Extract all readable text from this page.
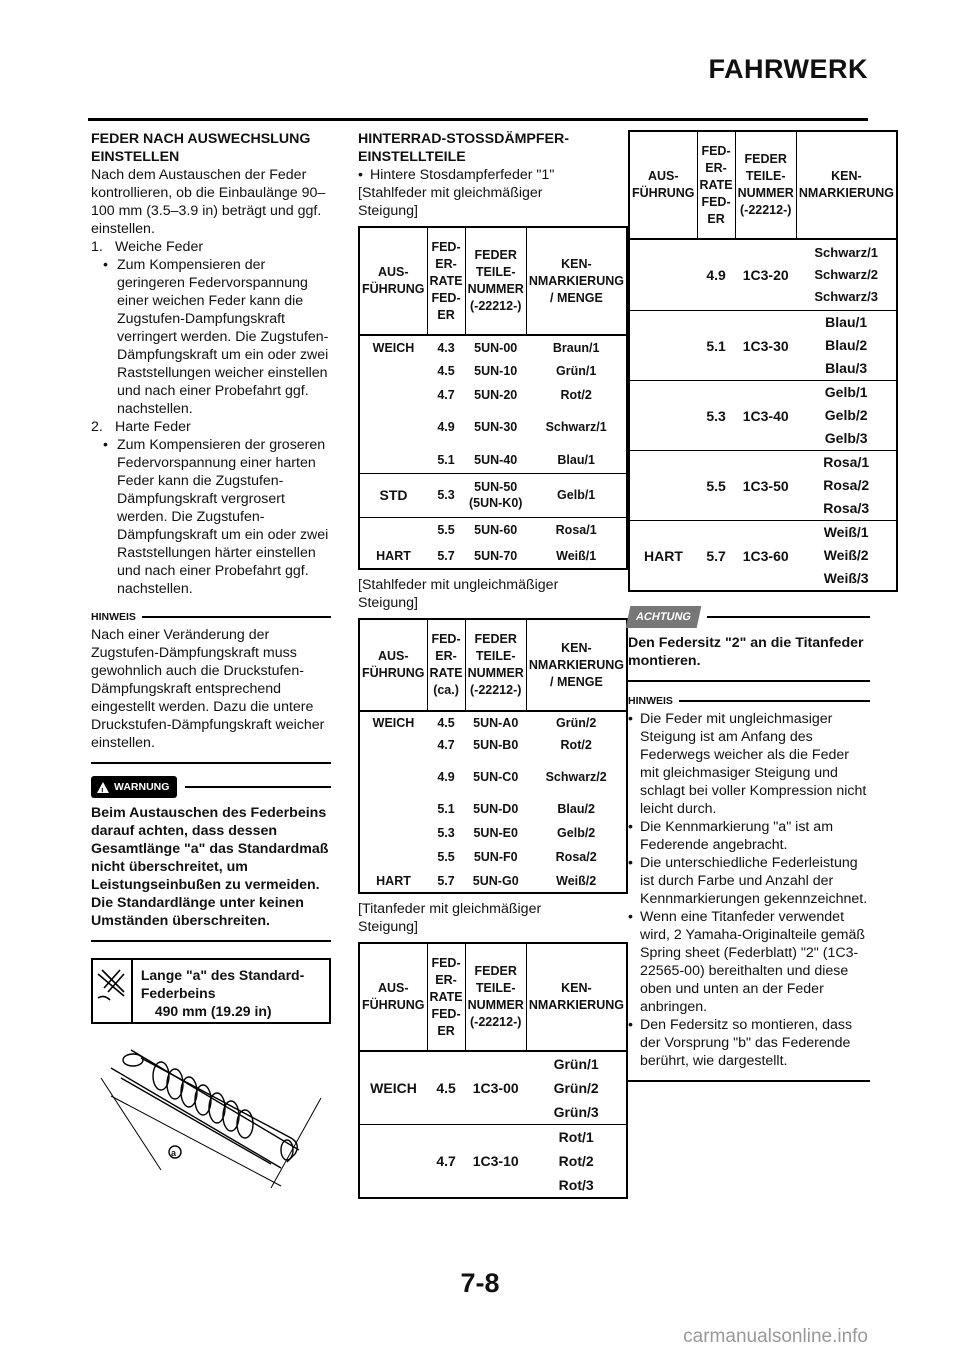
FAHRWERK

FEDER NACH AUSWECHSLUNG EINSTELLEN

Nach dem Austauschen der Feder kontrollieren, ob die Einbaulänge 90–100 mm (3.5–3.9 in) beträgt und ggf. einstellen.

1. Weiche Feder
• Zum Kompensieren der geringeren Federvorspannung einer weichen Feder kann die Zugstufen-Dampfungskraft verringert werden. Die Zugstufen- Dämpfungskraft um ein oder zwei Raststellungen weicher einstellen und nach einer Probefahrt ggf. nachstellen.
2. Harte Feder
• Zum Kompensieren der groseren Federvorspannung einer harten Feder kann die Zugstufen-Dämpfungskraft vergrosert werden. Die Zugstufen- Dämpfungskraft um ein oder zwei Raststellungen härter einstellen und nach einer Probefahrt ggf. nachstellen.
HINWEIS

Nach einer Veränderung der Zugstufen-Dämpfungskraft muss gewohnlich auch die Druckstufen-Dämpfungskraft entsprechend eingestellt werden. Dazu die untere Druckstufen-Dämpfungskraft weicher einstellen.

! WARNUNG

Beim Austauschen des Federbeins darauf achten, dass dessen Gesamtlänge "a" das Standardmaß nicht überschreitet, um Leistungseinbußen zu vermeiden. Die Standardlänge unter keinen Umständen überschreiten.

Lange "a" des Standard-Federbeins
490 mm (19.29 in)
a

HINTERRAD-STOSSDÄMPFER-EINSTELLTEILE

• Hintere Stosdampferfeder "1"

[Stahlfeder mit gleichmäßiger Steigung]

AUS-FÜHRUNG	FED-ER-RATE FED-ER	FEDER TEILE-NUMMER (-22212-)	KEN-NMARKIERUNG / MENGE
WEICH	4.3	5UN-00	Braun/1
	4.5	5UN-10	Grün/1
	4.7	5UN-20	Rot/2
	4.9	5UN-30	Schwarz/1
	5.1	5UN-40	Blau/1
STD	5.3	5UN-50 (5UN-K0)	Gelb/1
	5.5	5UN-60	Rosa/1
HART	5.7	5UN-70	Weiß/1

[Stahlfeder mit ungleichmäßiger Steigung]

AUS-FÜHRUNG	FED-ER-RATE (ca.)	FEDER TEILE-NUMMER (-22212-)	KEN-NMARKIERUNG / MENGE
WEICH	4.5	5UN-A0	Grün/2
	4.7	5UN-B0	Rot/2
	4.9	5UN-C0	Schwarz/2
	5.1	5UN-D0	Blau/2
	5.3	5UN-E0	Gelb/2
	5.5	5UN-F0	Rosa/2
HART	5.7	5UN-G0	Weiß/2

[Titanfeder mit gleichmäßiger Steigung]

AUS-FÜHRUNG	FED-ER-RATE FED-ER	FEDER TEILE-NUMMER (-22212-)	KEN-NMARKIERUNG
WEICH	4.5	1C3-00	Grün/1
Grün/2
Grün/3

	4.7	1C3-10	Rot/1
Rot/2
Rot/3
AUS-FÜHRUNG	FED-ER-RATE FED-ER	FEDER TEILE-NUMMER (-22212-)	KEN-NMARKIERUNG
	4.9	1C3-20	Schwarz/1
Schwarz/2
Schwarz/3

	5.1	1C3-30	Blau/1
Blau/2
Blau/3

	5.3	1C3-40	Gelb/1
Gelb/2
Gelb/3

	5.5	1C3-50	Rosa/1
Rosa/2
Rosa/3

HART	5.7	1C3-60	Weiß/1
Weiß/2
Weiß/3
ACHTUNG

Den Federsitz "2" an die Titanfeder montieren.

HINWEIS
• Die Feder mit ungleichmasiger Steigung ist am Anfang des Federwegs weicher als die Feder mit gleichmasiger Steigung und schlagt bei voller Kompression nicht leicht durch.
• Die Kennmarkierung "a" ist am Federende angebracht.
• Die unterschiedliche Federleistung ist durch Farbe und Anzahl der Kennmarkierungen gekennzeichnet.
• Wenn eine Titanfeder verwendet wird, 2 Yamaha-Originalteile gemäß Spring sheet (Federblatt) "2" (1C3-22565-00) bereithalten und diese oben und unten an der Feder anbringen.
• Den Federsitz so montieren, dass der Vorsprung "b" das Federende berührt, wie dargestellt.
7-8
carmanualsonline.info
